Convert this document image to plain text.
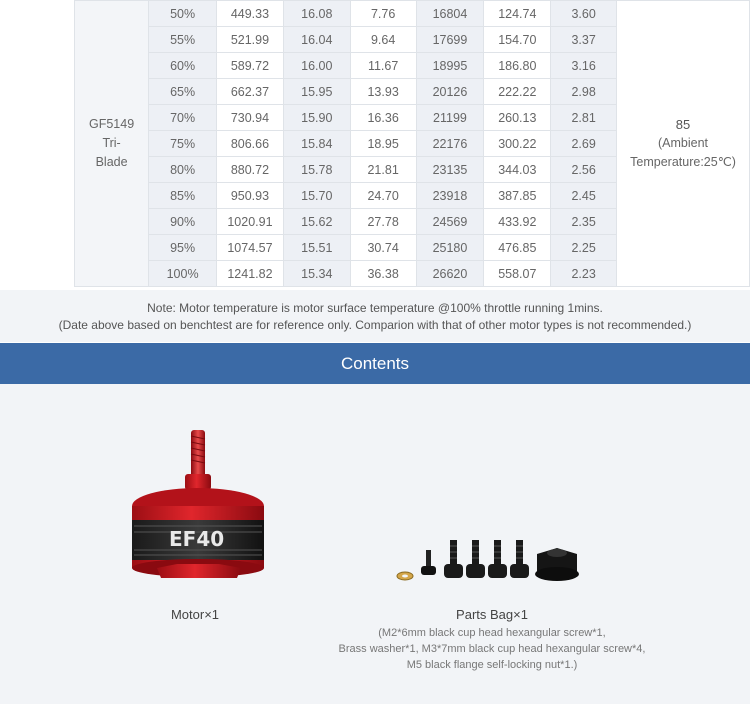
GF5149 Tri-Blade	50%	449.33	16.08	7.76	16804	124.74	3.60	85
(Ambient
Temperature:25℃)

	55%	521.99	16.04	9.64	17699	154.70	3.37	
	60%	589.72	16.00	11.67	18995	186.80	3.16	
	65%	662.37	15.95	13.93	20126	222.22	2.98	
	70%	730.94	15.90	16.36	21199	260.13	2.81	
	75%	806.66	15.84	18.95	22176	300.22	2.69	
	80%	880.72	15.78	21.81	23135	344.03	2.56	
	85%	950.93	15.70	24.70	23918	387.85	2.45	
	90%	1020.91	15.62	27.78	24569	433.92	2.35	
	95%	1074.57	15.51	30.74	25180	476.85	2.25	
	100%	1241.82	15.34	36.38	26620	558.07	2.23	

Note: Motor temperature is motor surface temperature @100% throttle running 1mins.

(Date above based on benchtest are for reference only. Comparion with that of other motor types is not recommended.)

Contents
EF40
Motor×1	Parts Bag×1
(M2*6mm black cup head hexangular screw*1,
Brass washer*1, M3*7mm black cup head hexangular screw*4,
M5 black flange self-locking nut*1.)
